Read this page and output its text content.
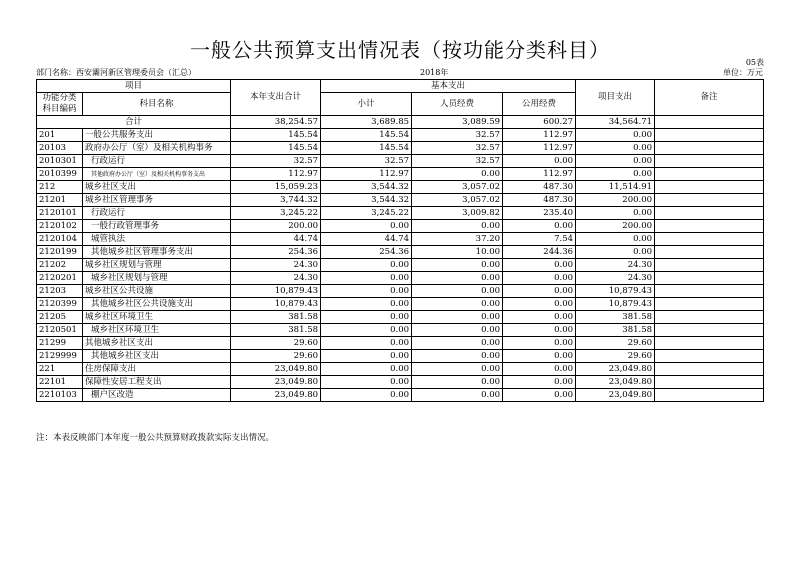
一般公共预算支出情况表（按功能分类科目）
05表
部门名称：西安灞河新区管理委员会（汇总）	2018年	单位：万元
项目		本年支出合计	基本支出			项目支出	备注
功能分类科目编码	科目名称		小计	人员经费	公用经费		

合计		38,254.57	3,689.85	3,089.59	600.27	34,564.71	
201	一般公共服务支出	145.54	145.54	32.57	112.97	0.00	
20103	政府办公厅（室）及相关机构事务	145.54	145.54	32.57	112.97	0.00	
2010301	行政运行	32.57	32.57	32.57	0.00	0.00	
2010399	其他政府办公厅（室）及相关机构事务支出	112.97	112.97	0.00	112.97	0.00	
212	城乡社区支出	15,059.23	3,544.32	3,057.02	487.30	11,514.91	
21201	城乡社区管理事务	3,744.32	3,544.32	3,057.02	487.30	200.00	
2120101	行政运行	3,245.22	3,245.22	3,009.82	235.40	0.00	
2120102	一般行政管理事务	200.00	0.00	0.00	0.00	200.00	
2120104	城管执法	44.74	44.74	37.20	7.54	0.00	
2120199	其他城乡社区管理事务支出	254.36	254.36	10.00	244.36	0.00	
21202	城乡社区规划与管理	24.30	0.00	0.00	0.00	24.30	
2120201	城乡社区规划与管理	24.30	0.00	0.00	0.00	24.30	
21203	城乡社区公共设施	10,879.43	0.00	0.00	0.00	10,879.43	
2120399	其他城乡社区公共设施支出	10,879.43	0.00	0.00	0.00	10,879.43	
21205	城乡社区环境卫生	381.58	0.00	0.00	0.00	381.58	
2120501	城乡社区环境卫生	381.58	0.00	0.00	0.00	381.58	
21299	其他城乡社区支出	29.60	0.00	0.00	0.00	29.60	
2129999	其他城乡社区支出	29.60	0.00	0.00	0.00	29.60	
221	住房保障支出	23,049.80	0.00	0.00	0.00	23,049.80	
22101	保障性安居工程支出	23,049.80	0.00	0.00	0.00	23,049.80	
2210103	棚户区改造	23,049.80	0.00	0.00	0.00	23,049.80	
注：本表反映部门本年度一般公共预算财政拨款实际支出情况。
